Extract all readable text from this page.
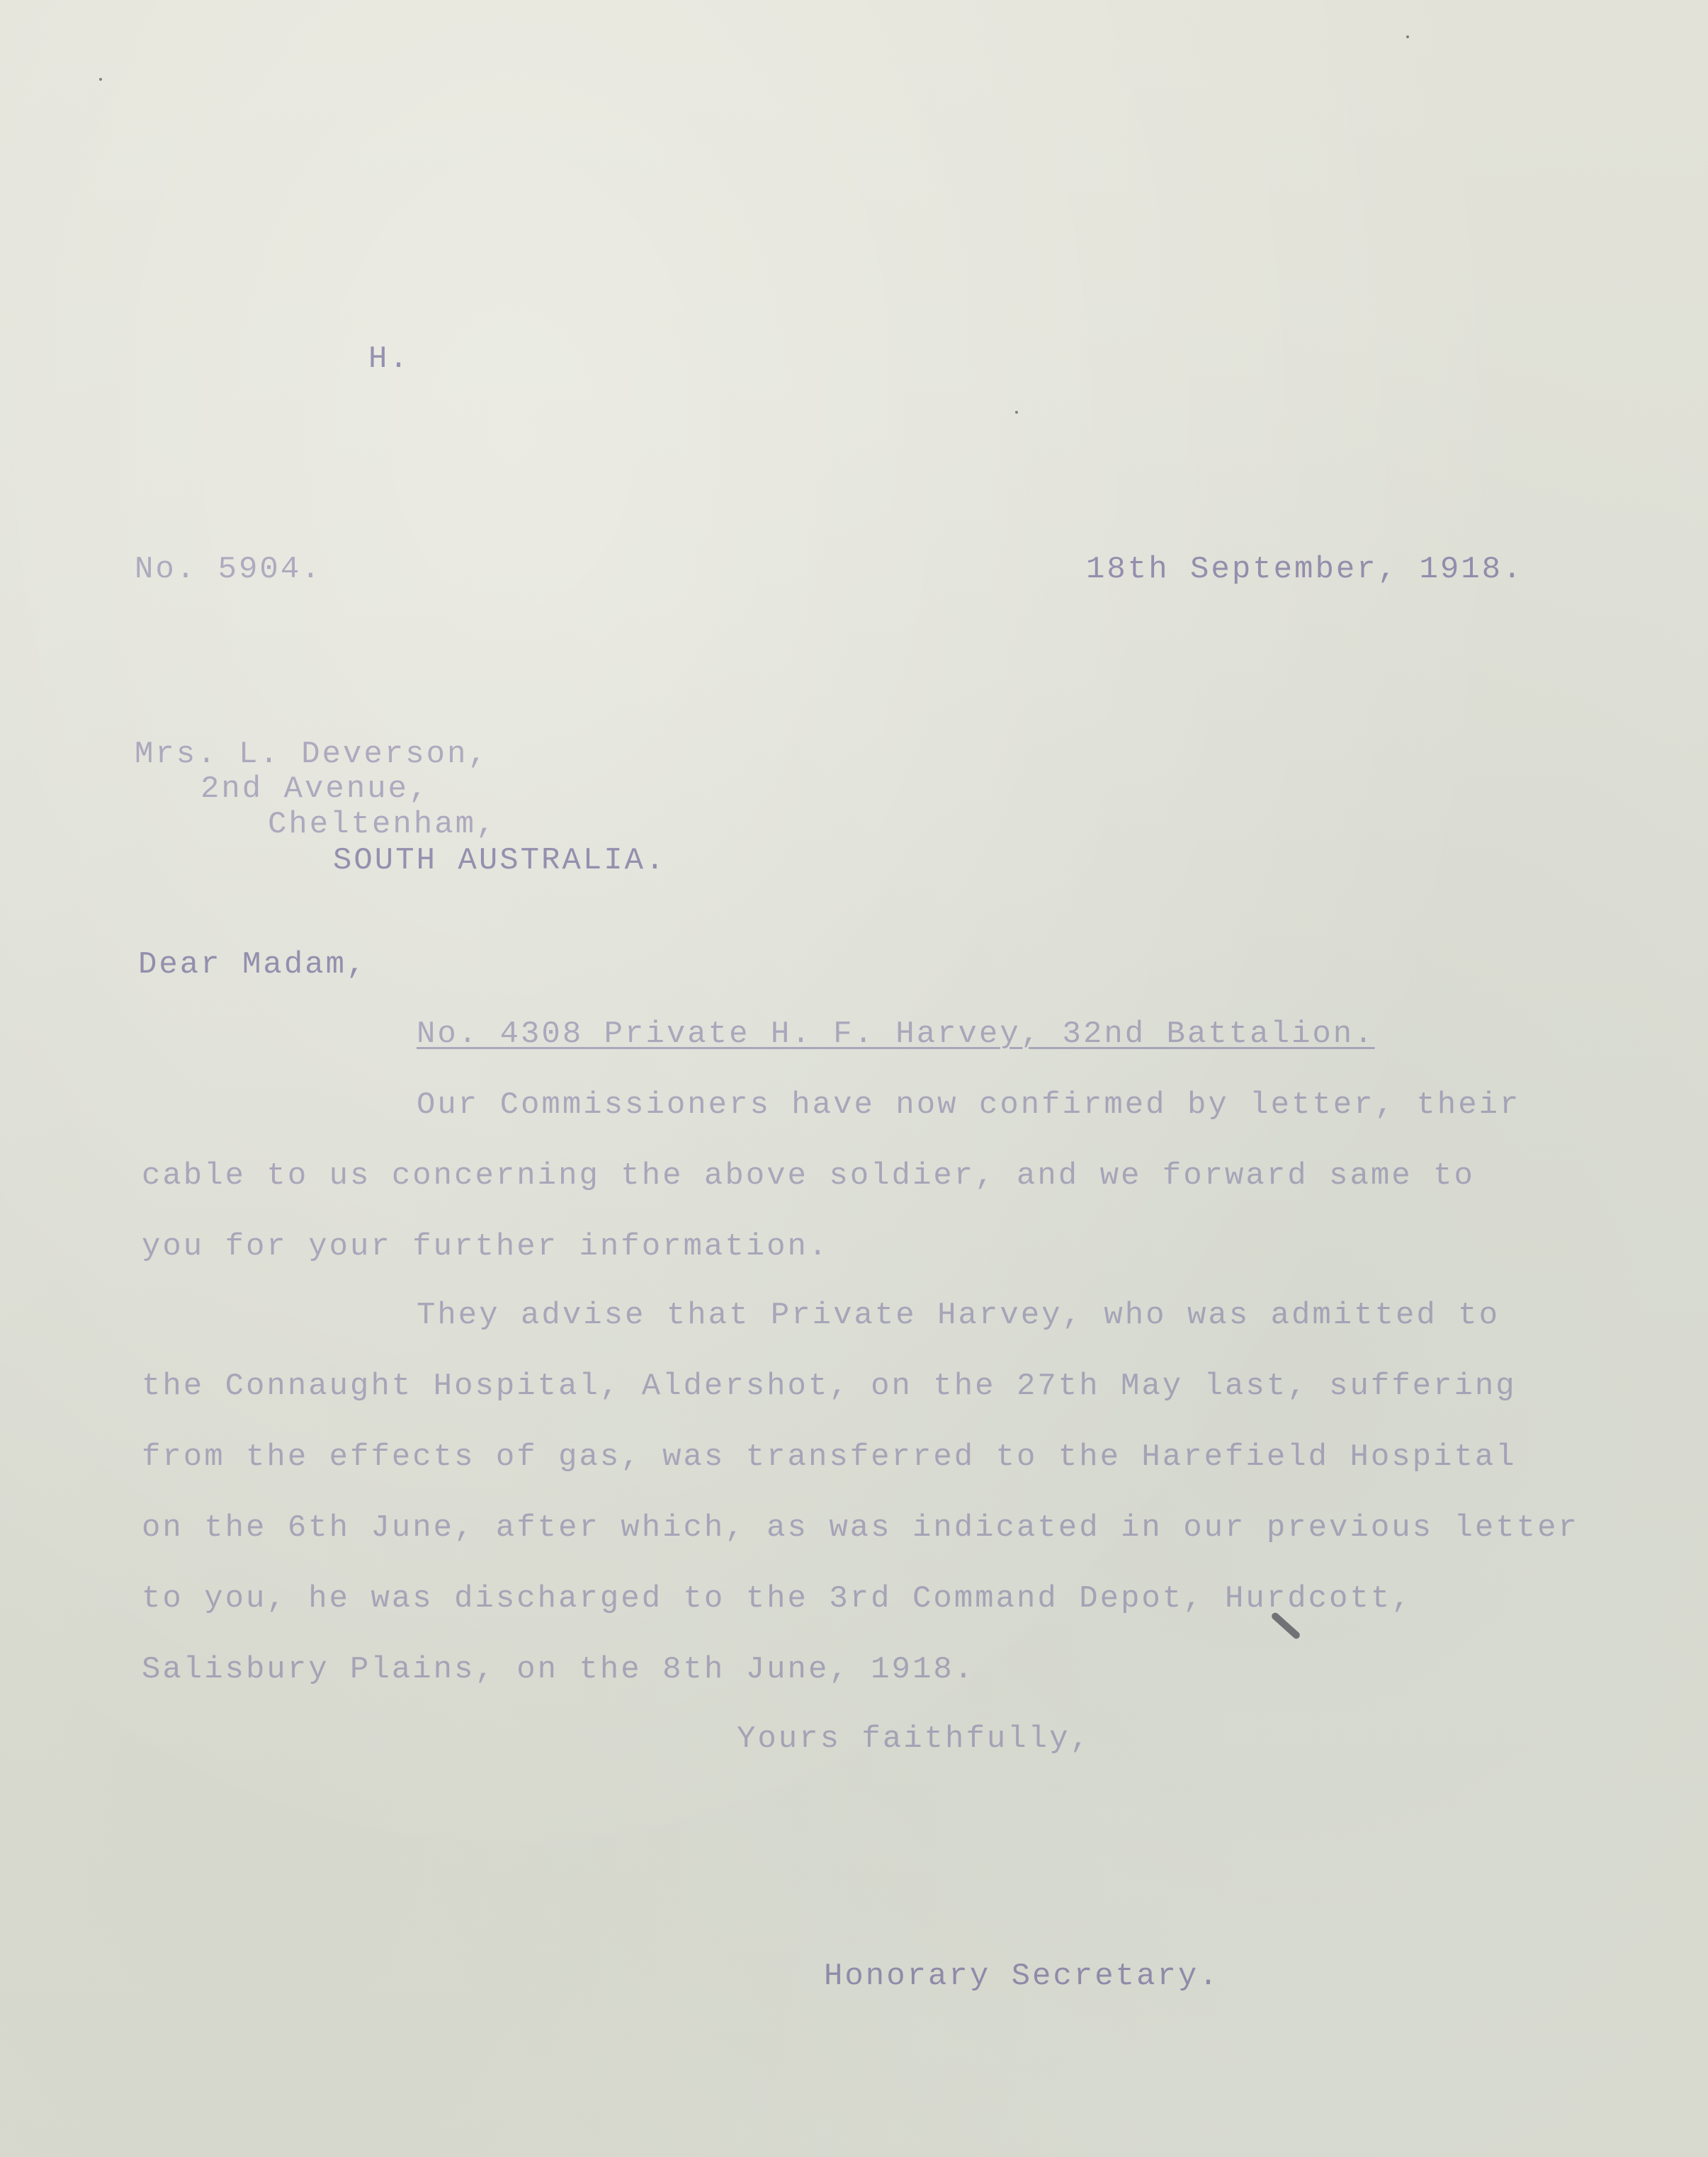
H.

No. 5904.	18th September, 1918.

Mrs. L. Deverson,

2nd Avenue,

Cheltenham,

SOUTH AUSTRALIA.

Dear Madam,

No. 4308 Private H. F. Harvey, 32nd Battalion.

Our Commissioners have now confirmed by letter, their

cable to us concerning the above soldier, and we forward same to

you for your further information.

They advise that Private Harvey, who was admitted to

the Connaught Hospital, Aldershot, on the 27th May last, suffering

from the effects of gas, was transferred to the Harefield Hospital

on the 6th June, after which, as was indicated in our previous letter

to you, he was discharged to the 3rd Command Depot, Hurdcott,

Salisbury Plains, on the 8th June, 1918.

Yours faithfully,

Honorary Secretary.
